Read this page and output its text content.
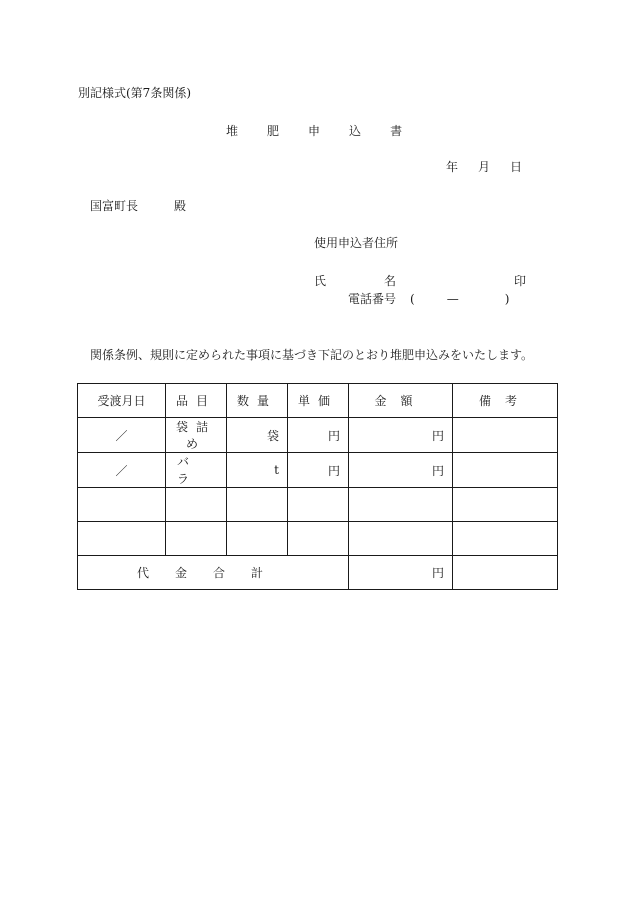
別記様式(第7条関係)
堆 肥 申 込 書
年 月 日
国富町長	殿
使用申込者住所
氏	名	印
電話番号 (	—	)
関係条例、規則に定められた事項に基づき下記のとおり堆肥申込みをいたします。
受渡月日	品目	数量	単価	金額	備考
／	袋詰め	袋	円	円	
／	バラ	t	円	円	

代金合計				円	
